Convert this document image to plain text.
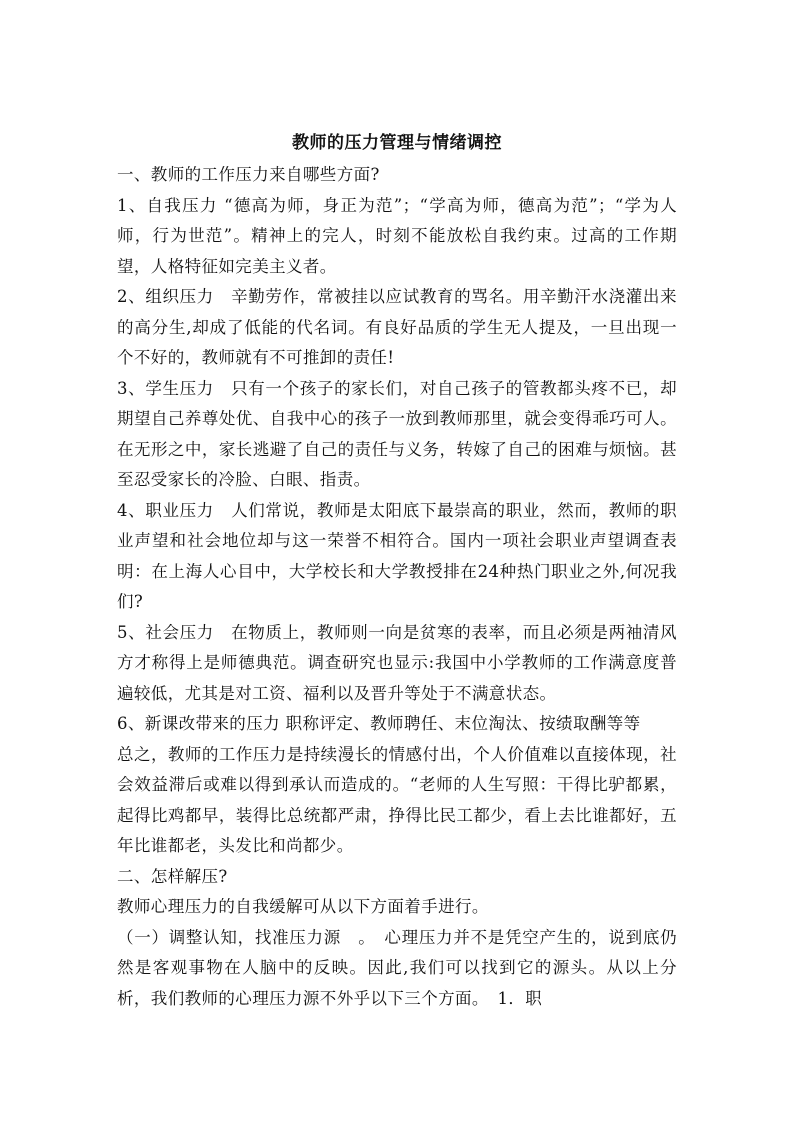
教师的压力管理与情绪调控

一、教师的工作压力来自哪些方面?

1、自我压力 “德高为师，身正为范”；“学高为师，德高为范”；“学为人师，行为世范”。精神上的完人，时刻不能放松自我约束。过高的工作期望，人格特征如完美主义者。

2、组织压力　辛勤劳作，常被挂以应试教育的骂名。用辛勤汗水浇灌出来的高分生,却成了低能的代名词。有良好品质的学生无人提及，一旦出现一个不好的，教师就有不可推卸的责任!

3、学生压力　只有一个孩子的家长们，对自己孩子的管教都头疼不已，却期望自己养尊处优、自我中心的孩子一放到教师那里，就会变得乖巧可人。在无形之中，家长逃避了自己的责任与义务，转嫁了自己的困难与烦恼。甚至忍受家长的冷脸、白眼、指责。

4、职业压力　人们常说，教师是太阳底下最崇高的职业，然而，教师的职业声望和社会地位却与这一荣誉不相符合。国内一项社会职业声望调查表明：在上海人心目中，大学校长和大学教授排在24种热门职业之外,何况我们?

5、社会压力　在物质上，教师则一向是贫寒的表率，而且必须是两袖清风方才称得上是师德典范。调查研究也显示:我国中小学教师的工作满意度普遍较低，尤其是对工资、福利以及晋升等处于不满意状态。

6、新课改带来的压力 职称评定、教师聘任、末位淘汰、按绩取酬等等

总之，教师的工作压力是持续漫长的情感付出，个人价值难以直接体现，社会效益滞后或难以得到承认而造成的。“老师的人生写照：干得比驴都累，起得比鸡都早，装得比总统都严肃，挣得比民工都少，看上去比谁都好，五年比谁都老，头发比和尚都少。

二、怎样解压?

教师心理压力的自我缓解可从以下方面着手进行。

（一）调整认知，找准压力源　。　心理压力并不是凭空产生的，说到底仍然是客观事物在人脑中的反映。因此,我们可以找到它的源头。从以上分析，我们教师的心理压力源不外乎以下三个方面。　1．职
